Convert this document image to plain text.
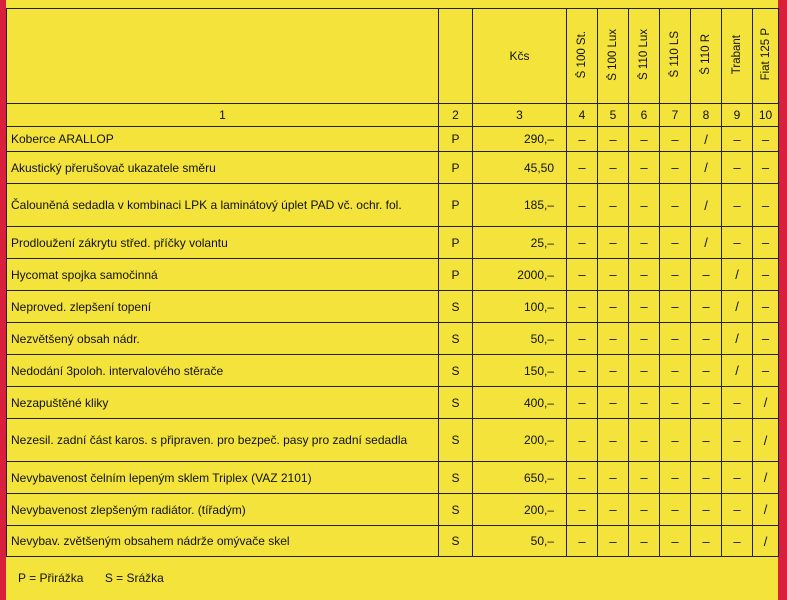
		Kčs	Š 100 St.	Š 100 Lux	Š 110 Lux	Š 110 LS	Š 110 R	Trabant	Fiat 125 P
1	2	3	4	5	6	7	8	9	10
Koberce ARALLOP	P	290,–	–	–	–	–	/	–	–
Akustický přerušovač ukazatele směru	P	45,50	–	–	–	–	/	–	–
Čalouněná sedadla v kombinaci LPK a laminátový úplet PAD vč. ochr. fol.	P	185,–	–	–	–	–	/	–	–
Prodloužení zákrytu střed. příčky volantu	P	25,–	–	–	–	–	/	–	–
Hycomat spojka samočinná	P	2000,–	–	–	–	–	–	/	–
Neproved. zlepšení topení	S	100,–	–	–	–	–	–	/	–
Nezvětšený obsah nádr.	S	50,–	–	–	–	–	–	/	–
Nedodání 3poloh. intervalového stěrače	S	150,–	–	–	–	–	–	/	–
Nezapuštěné kliky	S	400,–	–	–	–	–	–	–	/
Nezesil. zadní část karos. s připraven. pro bezpeč. pasy pro zadní sedadla	S	200,–	–	–	–	–	–	–	/
Nevybavenost čelním lepeným sklem Triplex (VAZ 2101)	S	650,–	–	–	–	–	–	–	/
Nevybavenost zlepšeným radiátor. (tířadým)	S	200,–	–	–	–	–	–	–	/
Nevybav. zvětšeným obsahem nádrže omývače skel	S	50,–	–	–	–	–	–	–	/
P = Přirážka S = Srážka
